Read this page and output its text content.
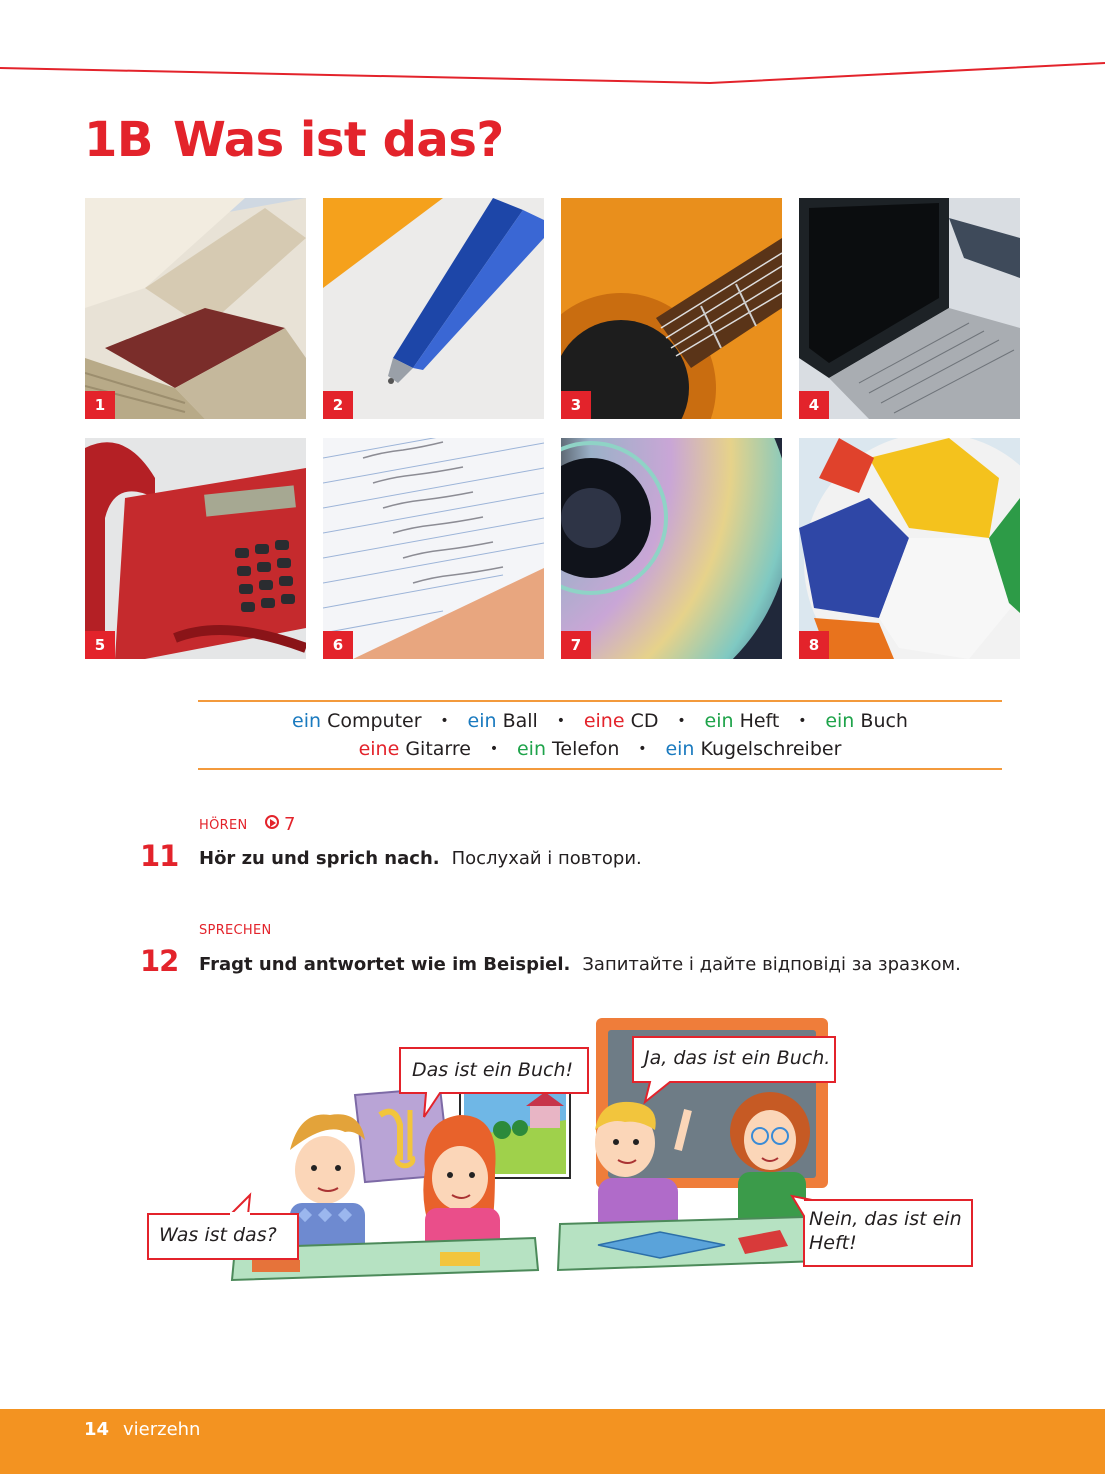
1B Was ist das?
1	2	3	4
5	6	7	8
ein Computer • ein Ball • eine CD • ein Heft • ein Buch
eine Gitarre • ein Telefon • ein Kugelschreiber
HÖREN	7
11 Hör zu und sprich nach. Послухай і повтори.
SPRECHEN
12 Fragt und antwortet wie im Beispiel. Запитайте і дайте відповіді за зразком.
Was ist das?
Das ist ein Buch!
Ja, das ist ein Buch.
Nein, das ist ein Heft!
14 vierzehn
